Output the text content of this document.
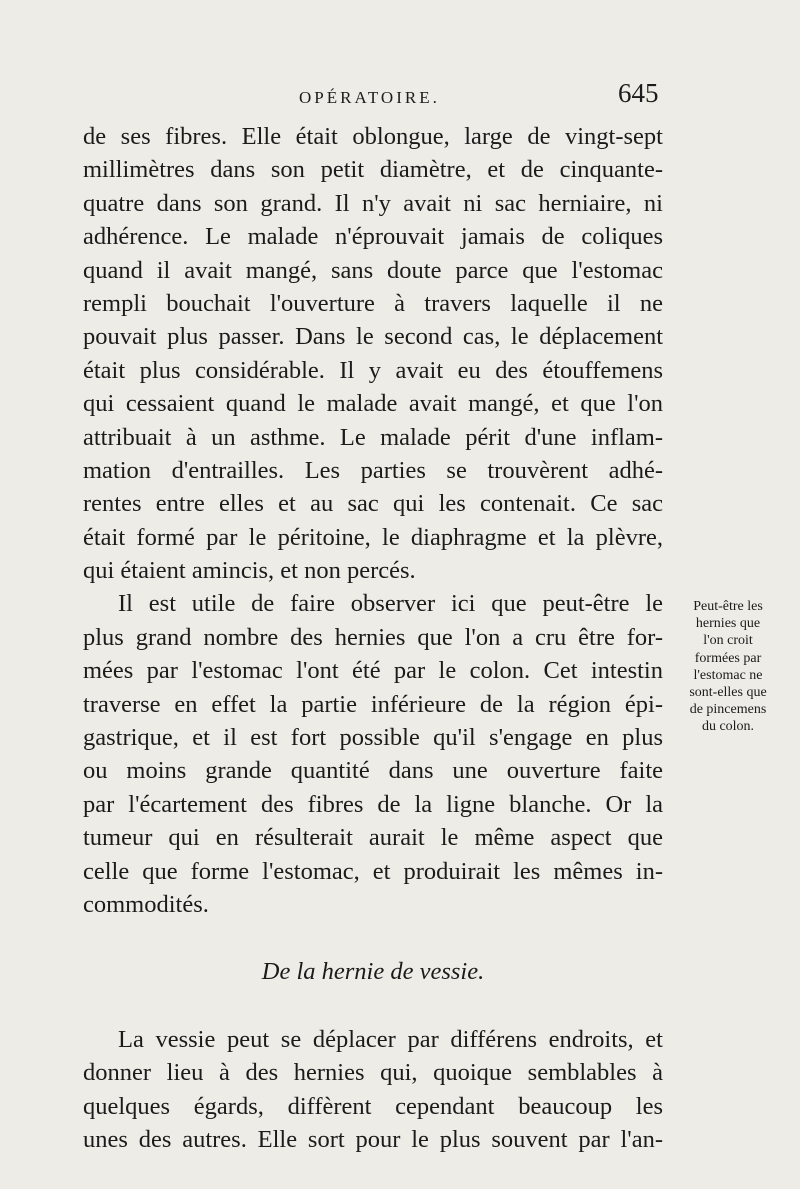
OPÉRATOIRE.	645
de ses fibres. Elle était oblongue, large de vingt-sept
millimètres dans son petit diamètre, et de cinquante-
quatre dans son grand. Il n'y avait ni sac herniaire, ni
adhérence. Le malade n'éprouvait jamais de coliques
quand il avait mangé, sans doute parce que l'estomac
rempli bouchait l'ouverture à travers laquelle il ne
pouvait plus passer. Dans le second cas, le déplacement
était plus considérable. Il y avait eu des étouffemens
qui cessaient quand le malade avait mangé, et que l'on
attribuait à un asthme. Le malade périt d'une inflam-
mation d'entrailles. Les parties se trouvèrent adhé-
rentes entre elles et au sac qui les contenait. Ce sac
était formé par le péritoine, le diaphragme et la plèvre,
qui étaient amincis, et non percés.
Il est utile de faire observer ici que peut-être le
plus grand nombre des hernies que l'on a cru être for-
mées par l'estomac l'ont été par le colon. Cet intestin
traverse en effet la partie inférieure de la région épi-
gastrique, et il est fort possible qu'il s'engage en plus
ou moins grande quantité dans une ouverture faite
par l'écartement des fibres de la ligne blanche. Or la
tumeur qui en résulterait aurait le même aspect que
celle que forme l'estomac, et produirait les mêmes in-
commodités.
De la hernie de vessie.
La vessie peut se déplacer par différens endroits, et
donner lieu à des hernies qui, quoique semblables à
quelques égards, diffèrent cependant beaucoup les
unes des autres. Elle sort pour le plus souvent par l'an-
Peut-être les
hernies que
l'on croit
formées par
l'estomac ne
sont-elles que
de pincemens
du colon.
